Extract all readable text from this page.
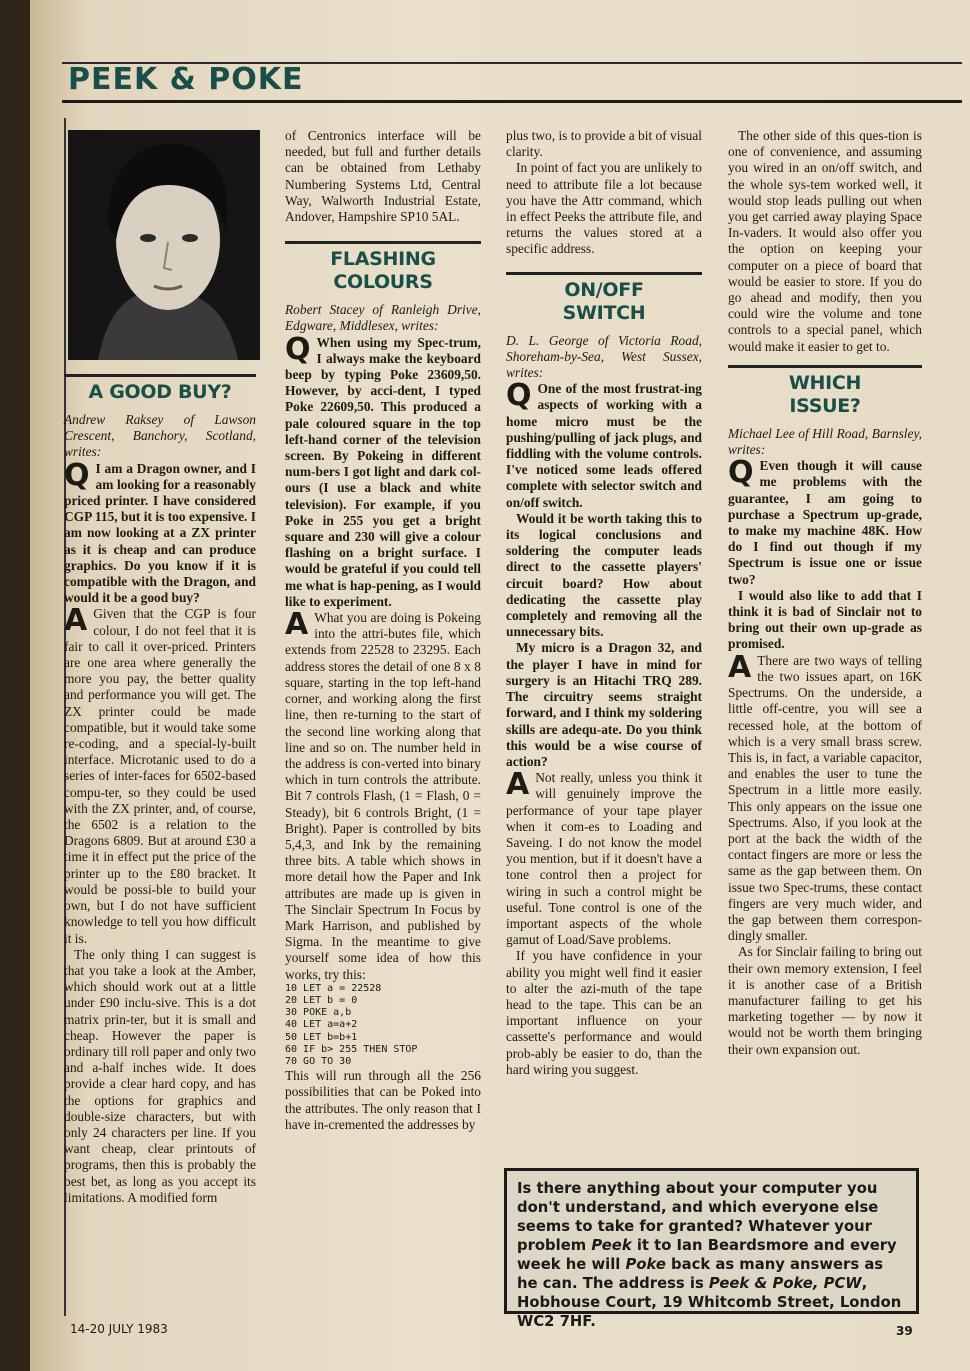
PEEK & POKE
A GOOD BUY?

Andrew Raksey of Lawson Crescent, Banchory, Scotland, writes:

Q I am a Dragon owner, and I am looking for a reasonably priced printer. I have considered CGP 115, but it is too expensive. I am now looking at a ZX printer as it is cheap and can produce graphics. Do you know if it is compatible with the Dragon, and would it be a good buy?

A Given that the CGP is four colour, I do not feel that it is fair to call it over-priced. Printers are one area where generally the more you pay, the better quality and performance you will get. The ZX printer could be made compatible, but it would take some re-coding, and a special-ly-built interface. Microtanic used to do a series of inter-faces for 6502-based compu-ter, so they could be used with the ZX printer, and, of course, the 6502 is a relation to the Dragons 6809. But at around £30 a time it in effect put the price of the printer up to the £80 bracket. It would be possi-ble to build your own, but I do not have sufficient knowledge to tell you how difficult it is.

The only thing I can suggest is that you take a look at the Amber, which should work out at a little under £90 inclu-sive. This is a dot matrix prin-ter, but it is small and cheap. However the paper is ordinary till roll paper and only two and a-half inches wide. It does provide a clear hard copy, and has the options for graphics and double-size characters, but with only 24 characters per line. If you want cheap, clear printouts of programs, then this is probably the best bet, as long as you accept its limitations. A modified form

of Centronics interface will be needed, but full and further details can be obtained from Lethaby Numbering Systems Ltd, Central Way, Walworth Industrial Estate, Andover, Hampshire SP10 5AL.

FLASHING
COLOURS

Robert Stacey of Ranleigh Drive, Edgware, Middlesex, writes:

Q When using my Spec-trum, I always make the keyboard beep by typing Poke 23609,50. However, by acci-dent, I typed Poke 22609,50. This produced a pale coloured square in the top left-hand corner of the television screen. By Pokeing in different num-bers I got light and dark col-ours (I use a black and white television). For example, if you Poke in 255 you get a bright square and 230 will give a colour flashing on a bright surface. I would be grateful if you could tell me what is hap-pening, as I would like to experiment.

A What you are doing is Pokeing into the attri-butes file, which extends from 22528 to 23295. Each address stores the detail of one 8 x 8 square, starting in the top left-hand corner, and working along the first line, then re-turning to the start of the second line working along that line and so on. The number held in the address is con-verted into binary which in turn controls the attribute. Bit 7 controls Flash, (1 = Flash, 0 = Steady), bit 6 controls Bright, (1 = Bright). Paper is controlled by bits 5,4,3, and Ink by the remaining three bits. A table which shows in more detail how the Paper and Ink attributes are made up is given in The Sinclair Spectrum In Focus by Mark Harrison, and published by Sigma. In the meantime to give yourself some idea of how this works, try this:

10 LET a = 22528
20 LET b = 0
30 POKE a,b
40 LET a=a+2
50 LET b=b+1
60 IF b> 255 THEN STOP
70 GO TO 30

This will run through all the 256 possibilities that can be Poked into the attributes. The only reason that I have in-cremented the addresses by

plus two, is to provide a bit of visual clarity.

In point of fact you are unlikely to need to attribute file a lot because you have the Attr command, which in effect Peeks the attribute file, and returns the values stored at a specific address.

ON/OFF
SWITCH

D. L. George of Victoria Road, Shoreham-by-Sea, West Sussex, writes:

Q One of the most frustrat-ing aspects of working with a home micro must be the pushing/pulling of jack plugs, and fiddling with the volume controls. I've noticed some leads offered complete with selector switch and on/off switch.

Would it be worth taking this to its logical conclusions and soldering the computer leads direct to the cassette players' circuit board? How about dedicating the cassette play completely and removing all the unnecessary bits.

My micro is a Dragon 32, and the player I have in mind for surgery is an Hitachi TRQ 289. The circuitry seems straight forward, and I think my soldering skills are adequ-ate. Do you think this would be a wise course of action?

A Not really, unless you think it will genuinely improve the performance of your tape player when it com-es to Loading and Saveing. I do not know the model you mention, but if it doesn't have a tone control then a project for wiring in such a control might be useful. Tone control is one of the important aspects of the whole gamut of Load/Save problems.

If you have confidence in your ability you might well find it easier to alter the azi-muth of the tape head to the tape. This can be an important influence on your cassette's performance and would prob-ably be easier to do, than the hard wiring you suggest.

The other side of this ques-tion is one of convenience, and assuming you wired in an on/off switch, and the whole sys-tem worked well, it would stop leads pulling out when you get carried away playing Space In-vaders. It would also offer you the option on keeping your computer on a piece of board that would be easier to store. If you do go ahead and modify, then you could wire the volume and tone controls to a special panel, which would make it easier to get to.

WHICH
ISSUE?

Michael Lee of Hill Road, Barnsley, writes:

Q Even though it will cause me problems with the guarantee, I am going to purchase a Spectrum up-grade, to make my machine 48K. How do I find out though if my Spectrum is issue one or issue two?

I would also like to add that I think it is bad of Sinclair not to bring out their own up-grade as promised.

A There are two ways of telling the two issues apart, on 16K Spectrums. On the underside, a little off-centre, you will see a recessed hole, at the bottom of which is a very small brass screw. This is, in fact, a variable capacitor, and enables the user to tune the Spectrum in a little more easily. This only appears on the issue one Spectrums. Also, if you look at the port at the back the width of the contact fingers are more or less the same as the gap between them. On issue two Spec-trums, these contact fingers are very much wider, and the gap between them correspon-dingly smaller.

As for Sinclair failing to bring out their own memory extension, I feel it is another case of a British manufacturer failing to get his marketing together — by now it would not be worth them bringing their own expansion out.

Is there anything about your computer you don't understand, and which everyone else seems to take for granted? Whatever your problem Peek it to Ian Beardsmore and every week he will Poke back as many answers as he can. The address is Peek & Poke, PCW, Hobhouse Court, 19 Whitcomb Street, London WC2 7HF.
14-20 JULY 1983	39
